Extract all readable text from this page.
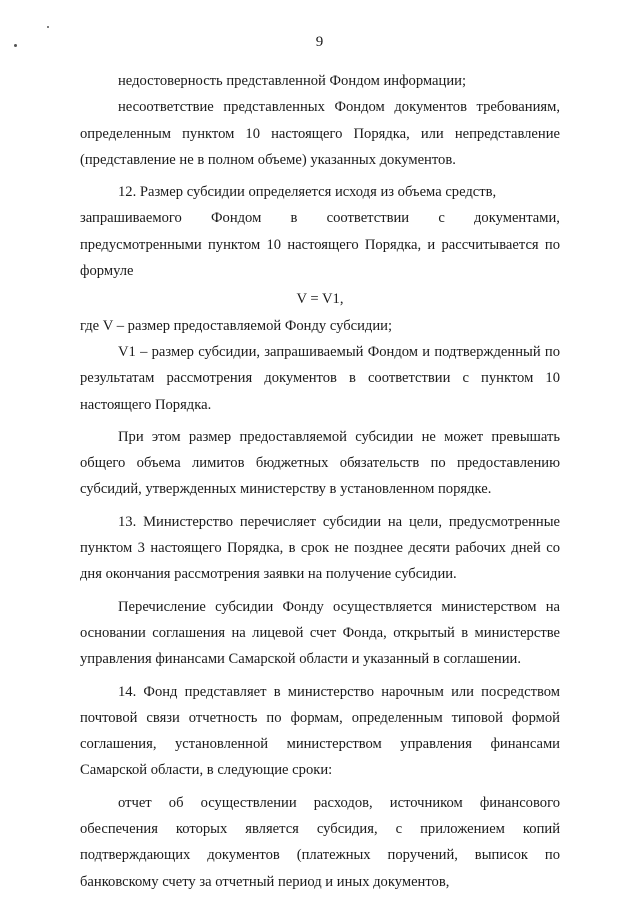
9

недостоверность представленной Фондом информации;

несоответствие представленных Фондом документов требованиям, определенным пунктом 10 настоящего Порядка, или непредставление (представление не в полном объеме) указанных документов.

12. Размер субсидии определяется исходя из объема средств,

запрашиваемого Фондом в соответствии с документами,

предусмотренными пунктом 10 настоящего Порядка, и рассчитывается по формуле

V = V1,

где V – размер предоставляемой Фонду субсидии;

V1 – размер субсидии, запрашиваемый Фондом и подтвержденный по результатам рассмотрения документов в соответствии с пунктом 10 настоящего Порядка.

При этом размер предоставляемой субсидии не может превышать общего объема лимитов бюджетных обязательств по предоставлению субсидий, утвержденных министерству в установленном порядке.

13. Министерство перечисляет субсидии на цели, предусмотренные пунктом 3 настоящего Порядка, в срок не позднее десяти рабочих дней со дня окончания рассмотрения заявки на получение субсидии.

Перечисление субсидии Фонду осуществляется министерством на основании соглашения на лицевой счет Фонда, открытый в министерстве управления финансами Самарской области и указанный в соглашении.

14. Фонд представляет в министерство нарочным или посредством почтовой связи отчетность по формам, определенным типовой формой соглашения, установленной министерством управления финансами Самарской области, в следующие сроки:

отчет об осуществлении расходов, источником финансового обеспечения которых является субсидия, с приложением копий подтверждающих документов (платежных поручений, выписок по банковскому счету за отчетный период и иных документов,
